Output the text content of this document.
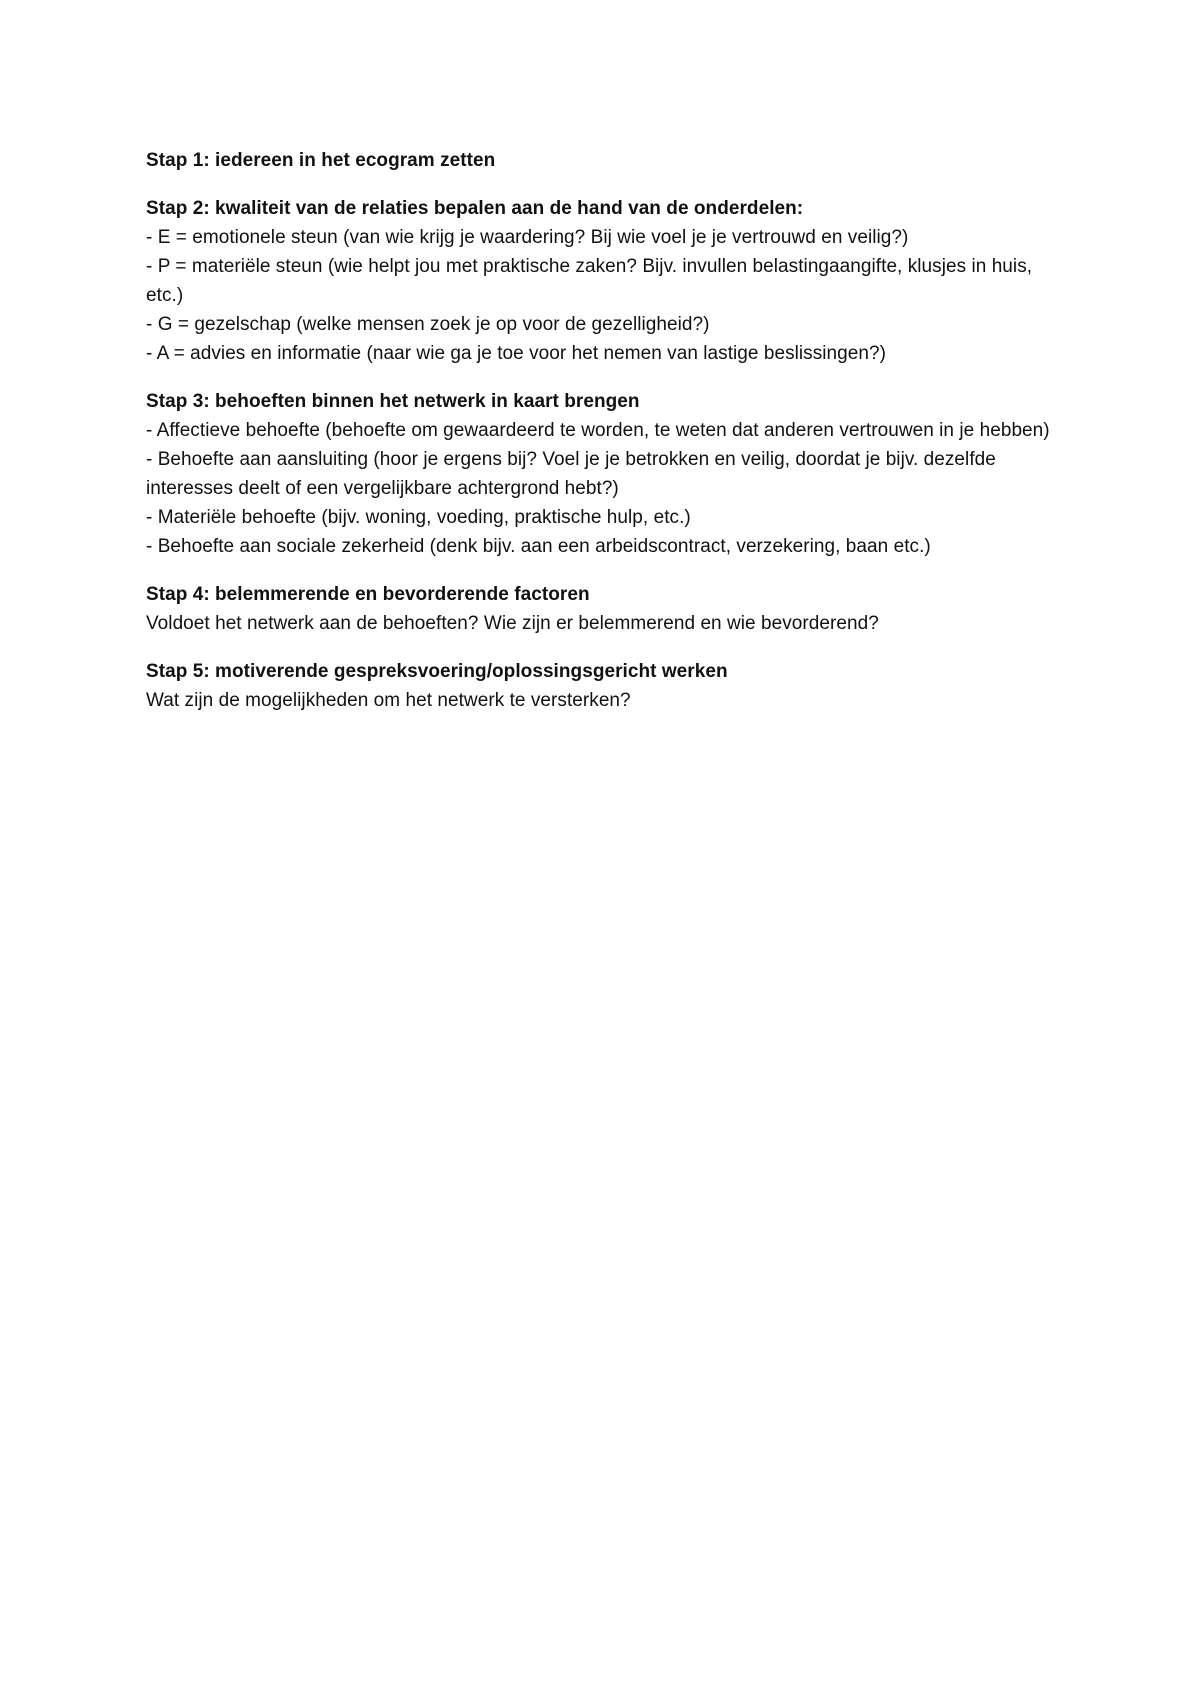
Stap 1: iedereen in het ecogram zetten
Stap 2: kwaliteit van de relaties bepalen aan de hand van de onderdelen:
- E = emotionele steun (van wie krijg je waardering? Bij wie voel je je vertrouwd en veilig?)
- P = materiële steun (wie helpt jou met praktische zaken? Bijv. invullen belastingaangifte, klusjes in huis, etc.)
- G = gezelschap (welke mensen zoek je op voor de gezelligheid?)
- A = advies en informatie (naar wie ga je toe voor het nemen van lastige beslissingen?)
Stap 3: behoeften binnen het netwerk in kaart brengen
- Affectieve behoefte (behoefte om gewaardeerd te worden, te weten dat anderen vertrouwen in je hebben)
- Behoefte aan aansluiting (hoor je ergens bij? Voel je je betrokken en veilig, doordat je bijv. dezelfde interesses deelt of een vergelijkbare achtergrond hebt?)
- Materiële behoefte (bijv. woning, voeding, praktische hulp, etc.)
- Behoefte aan sociale zekerheid (denk bijv. aan een arbeidscontract, verzekering, baan etc.)
Stap 4: belemmerende en bevorderende factoren
Voldoet het netwerk aan de behoeften? Wie zijn er belemmerend en wie bevorderend?
Stap 5: motiverende gespreksvoering/oplossingsgericht werken
Wat zijn de mogelijkheden om het netwerk te versterken?
